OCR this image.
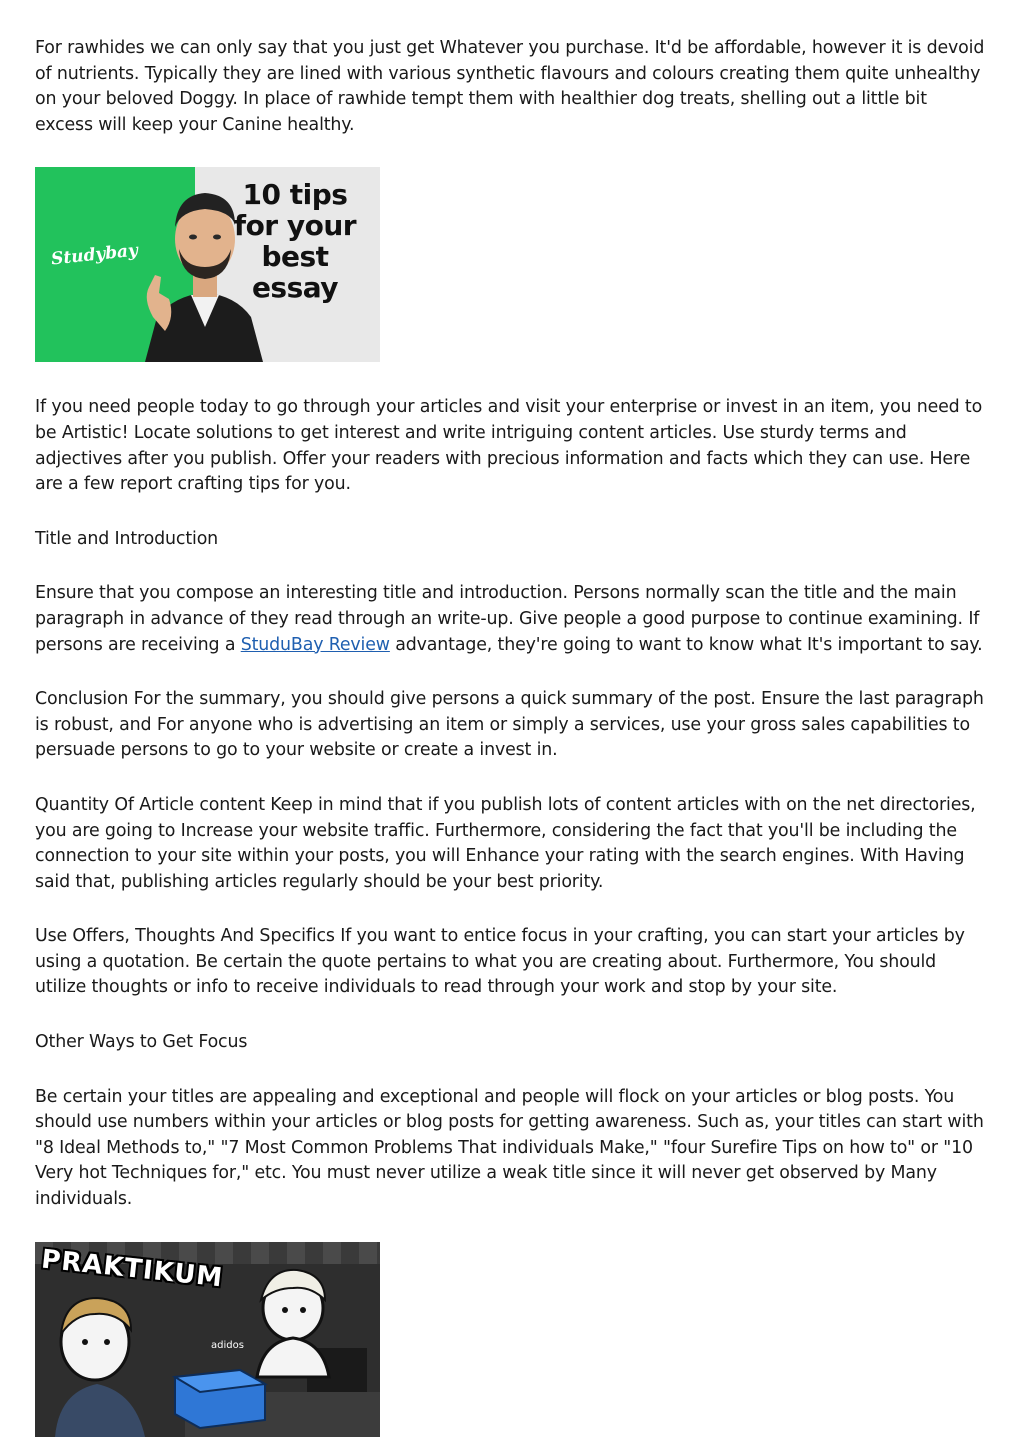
For rawhides we can only say that you just get Whatever you purchase. It'd be affordable, however it is devoid of nutrients. Typically they are lined with various synthetic flavours and colours creating them quite unhealthy on your beloved Doggy. In place of rawhide tempt them with healthier dog treats, shelling out a little bit excess will keep your Canine healthy.

Studybay
10 tips
for your
best essay

If you need people today to go through your articles and visit your enterprise or invest in an item, you need to be Artistic! Locate solutions to get interest and write intriguing content articles. Use sturdy terms and adjectives after you publish. Offer your readers with precious information and facts which they can use. Here are a few report crafting tips for you.

Title and Introduction

Ensure that you compose an interesting title and introduction. Persons normally scan the title and the main paragraph in advance of they read through an write-up. Give people a good purpose to continue examining. If persons are receiving a StuduBay Review advantage, they're going to want to know what It's important to say.

Conclusion For the summary, you should give persons a quick summary of the post. Ensure the last paragraph is robust, and For anyone who is advertising an item or simply a services, use your gross sales capabilities to persuade persons to go to your website or create a invest in.

Quantity Of Article content Keep in mind that if you publish lots of content articles with on the net directories, you are going to Increase your website traffic. Furthermore, considering the fact that you'll be including the connection to your site within your posts, you will Enhance your rating with the search engines. With Having said that, publishing articles regularly should be your best priority.

Use Offers, Thoughts And Specifics If you want to entice focus in your crafting, you can start your articles by using a quotation. Be certain the quote pertains to what you are creating about. Furthermore, You should utilize thoughts or info to receive individuals to read through your work and stop by your site.

Other Ways to Get Focus

Be certain your titles are appealing and exceptional and people will flock on your articles or blog posts. You should use numbers within your articles or blog posts for getting awareness. Such as, your titles can start with "8 Ideal Methods to," "7 Most Common Problems That individuals Make," "four Surefire Tips on how to" or "10 Very hot Techniques for," etc. You must never utilize a weak title since it will never get observed by Many individuals.

PRAKTIKUM
adidos
